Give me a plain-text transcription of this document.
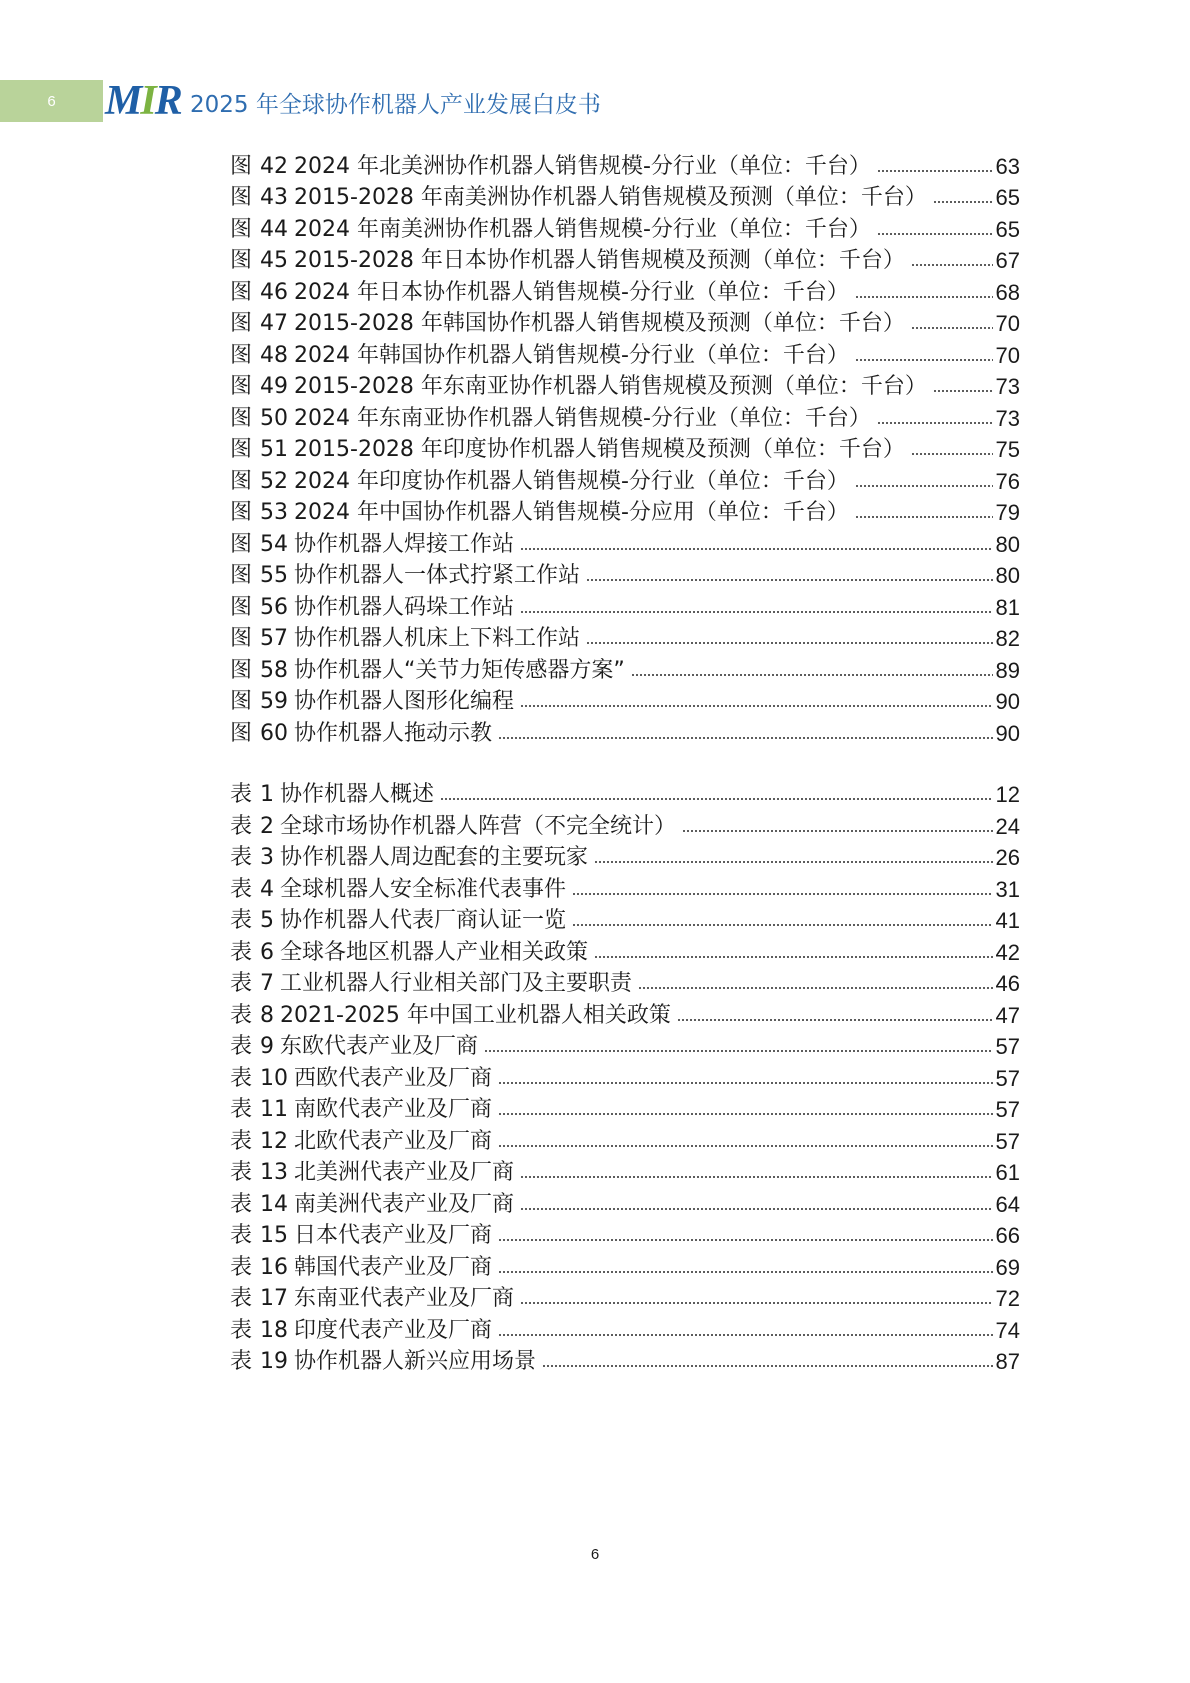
6	MIR 2025 年全球协作机器人产业发展白皮书
图 42 2024 年北美洲协作机器人销售规模-分行业（单位：千台）	63
图 43 2015-2028 年南美洲协作机器人销售规模及预测（单位：千台）	65
图 44 2024 年南美洲协作机器人销售规模-分行业（单位：千台）	65
图 45 2015-2028 年日本协作机器人销售规模及预测（单位：千台）	67
图 46 2024 年日本协作机器人销售规模-分行业（单位：千台）	68
图 47 2015-2028 年韩国协作机器人销售规模及预测（单位：千台）	70
图 48 2024 年韩国协作机器人销售规模-分行业（单位：千台）	70
图 49 2015-2028 年东南亚协作机器人销售规模及预测（单位：千台）	73
图 50 2024 年东南亚协作机器人销售规模-分行业（单位：千台）	73
图 51 2015-2028 年印度协作机器人销售规模及预测（单位：千台）	75
图 52 2024 年印度协作机器人销售规模-分行业（单位：千台）	76
图 53 2024 年中国协作机器人销售规模-分应用（单位：千台）	79
图 54 协作机器人焊接工作站	80
图 55 协作机器人一体式拧紧工作站	80
图 56 协作机器人码垛工作站	81
图 57 协作机器人机床上下料工作站	82
图 58 协作机器人“关节力矩传感器方案”	89
图 59 协作机器人图形化编程	90
图 60 协作机器人拖动示教	90
表 1 协作机器人概述	12
表 2 全球市场协作机器人阵营（不完全统计）	24
表 3 协作机器人周边配套的主要玩家	26
表 4 全球机器人安全标准代表事件	31
表 5 协作机器人代表厂商认证一览	41
表 6 全球各地区机器人产业相关政策	42
表 7 工业机器人行业相关部门及主要职责	46
表 8 2021-2025 年中国工业机器人相关政策	47
表 9 东欧代表产业及厂商	57
表 10 西欧代表产业及厂商	57
表 11 南欧代表产业及厂商	57
表 12 北欧代表产业及厂商	57
表 13 北美洲代表产业及厂商	61
表 14 南美洲代表产业及厂商	64
表 15 日本代表产业及厂商	66
表 16 韩国代表产业及厂商	69
表 17 东南亚代表产业及厂商	72
表 18 印度代表产业及厂商	74
表 19 协作机器人新兴应用场景	87
6
